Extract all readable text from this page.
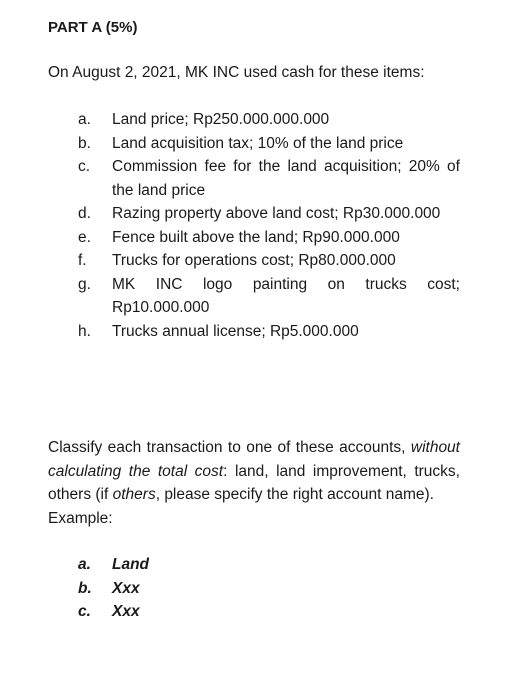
PART A (5%)
On August 2, 2021, MK INC used cash for these items:
a. Land price; Rp250.000.000.000
b. Land acquisition tax; 10% of the land price
c. Commission fee for the land acquisition; 20% of the land price
d. Razing property above land cost; Rp30.000.000
e. Fence built above the land; Rp90.000.000
f. Trucks for operations cost; Rp80.000.000
g. MK INC logo painting on trucks cost; Rp10.000.000
h. Trucks annual license; Rp5.000.000
Classify each transaction to one of these accounts, without calculating the total cost: land, land improvement, trucks, others (if others, please specify the right account name).
Example:
a. Land
b. Xxx
c. Xxx
